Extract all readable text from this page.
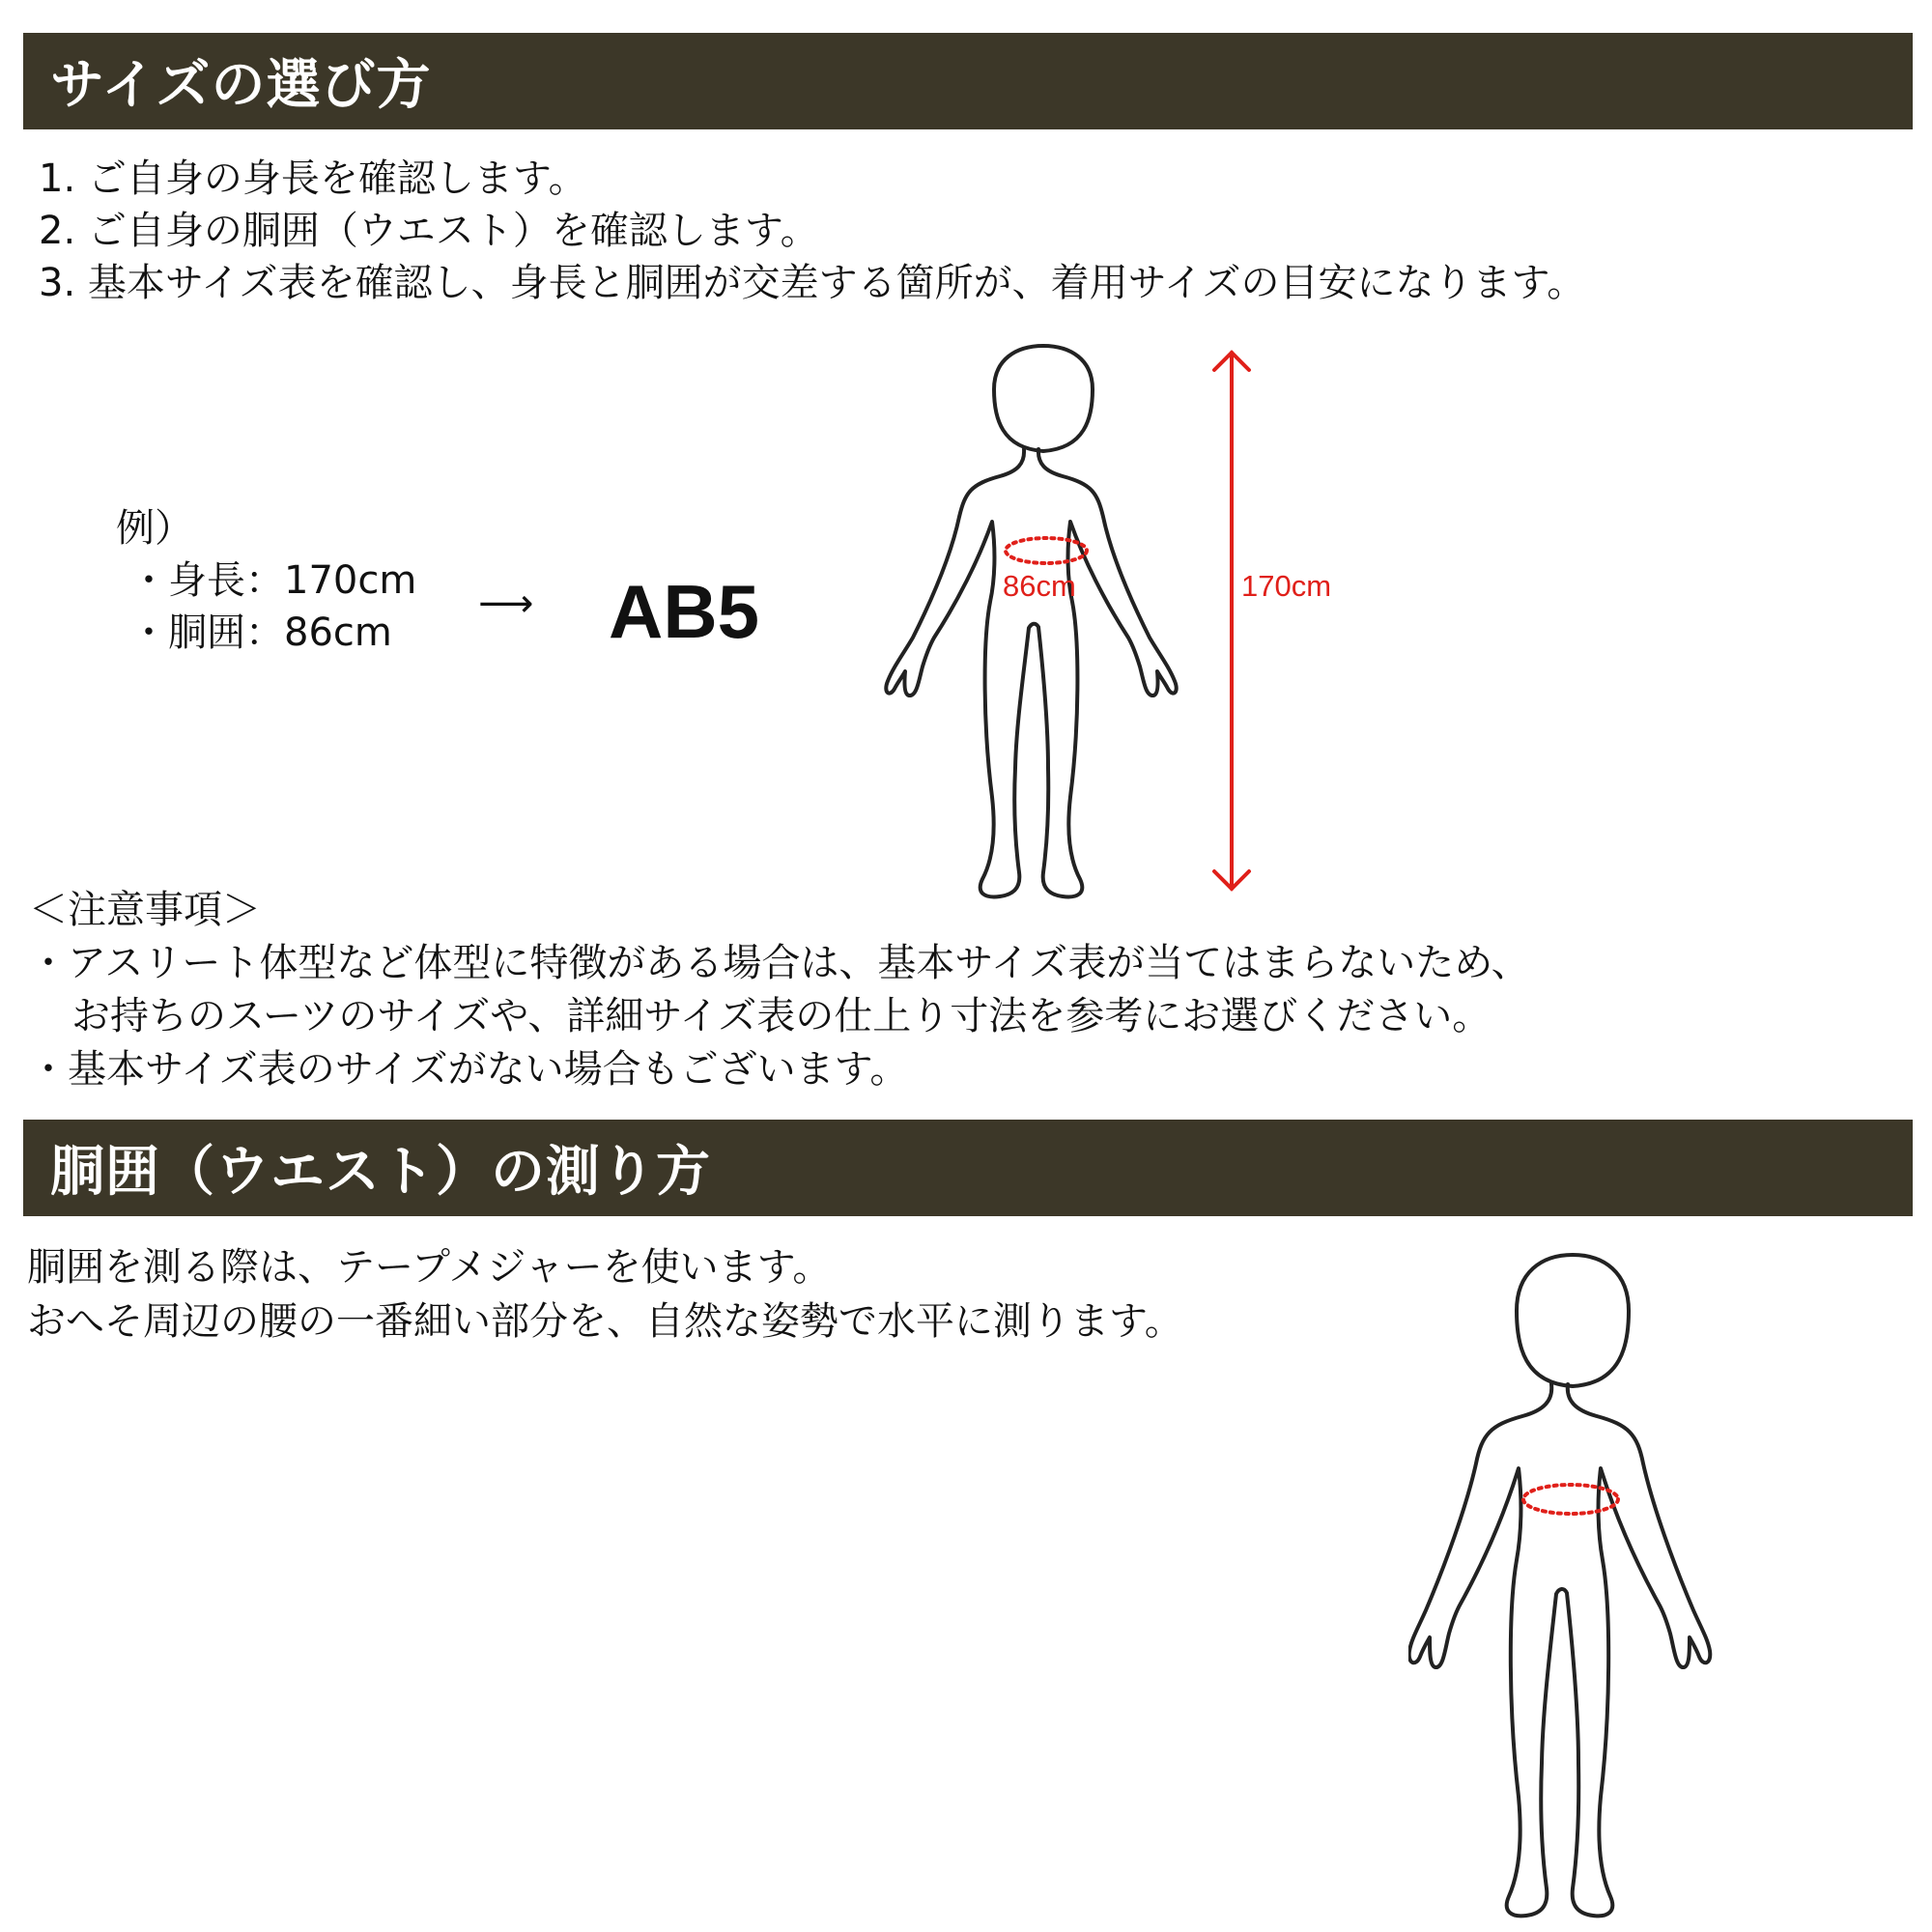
サイズの選び方
1. ご自身の身長を確認します。
2. ご自身の胴囲（ウエスト）を確認します。
3. 基本サイズ表を確認し、身長と胴囲が交差する箇所が、着用サイズの目安になります。
例）
・身長：170cm
・胴囲：86cm
⟶ AB5	86cm	170cm
＜注意事項＞
・アスリート体型など体型に特徴がある場合は、基本サイズ表が当てはまらないため、
お持ちのスーツのサイズや、詳細サイズ表の仕上り寸法を参考にお選びください。
・基本サイズ表のサイズがない場合もございます。
胴囲（ウエスト）の測り方
胴囲を測る際は、テープメジャーを使います。
おへそ周辺の腰の一番細い部分を、自然な姿勢で水平に測ります。
